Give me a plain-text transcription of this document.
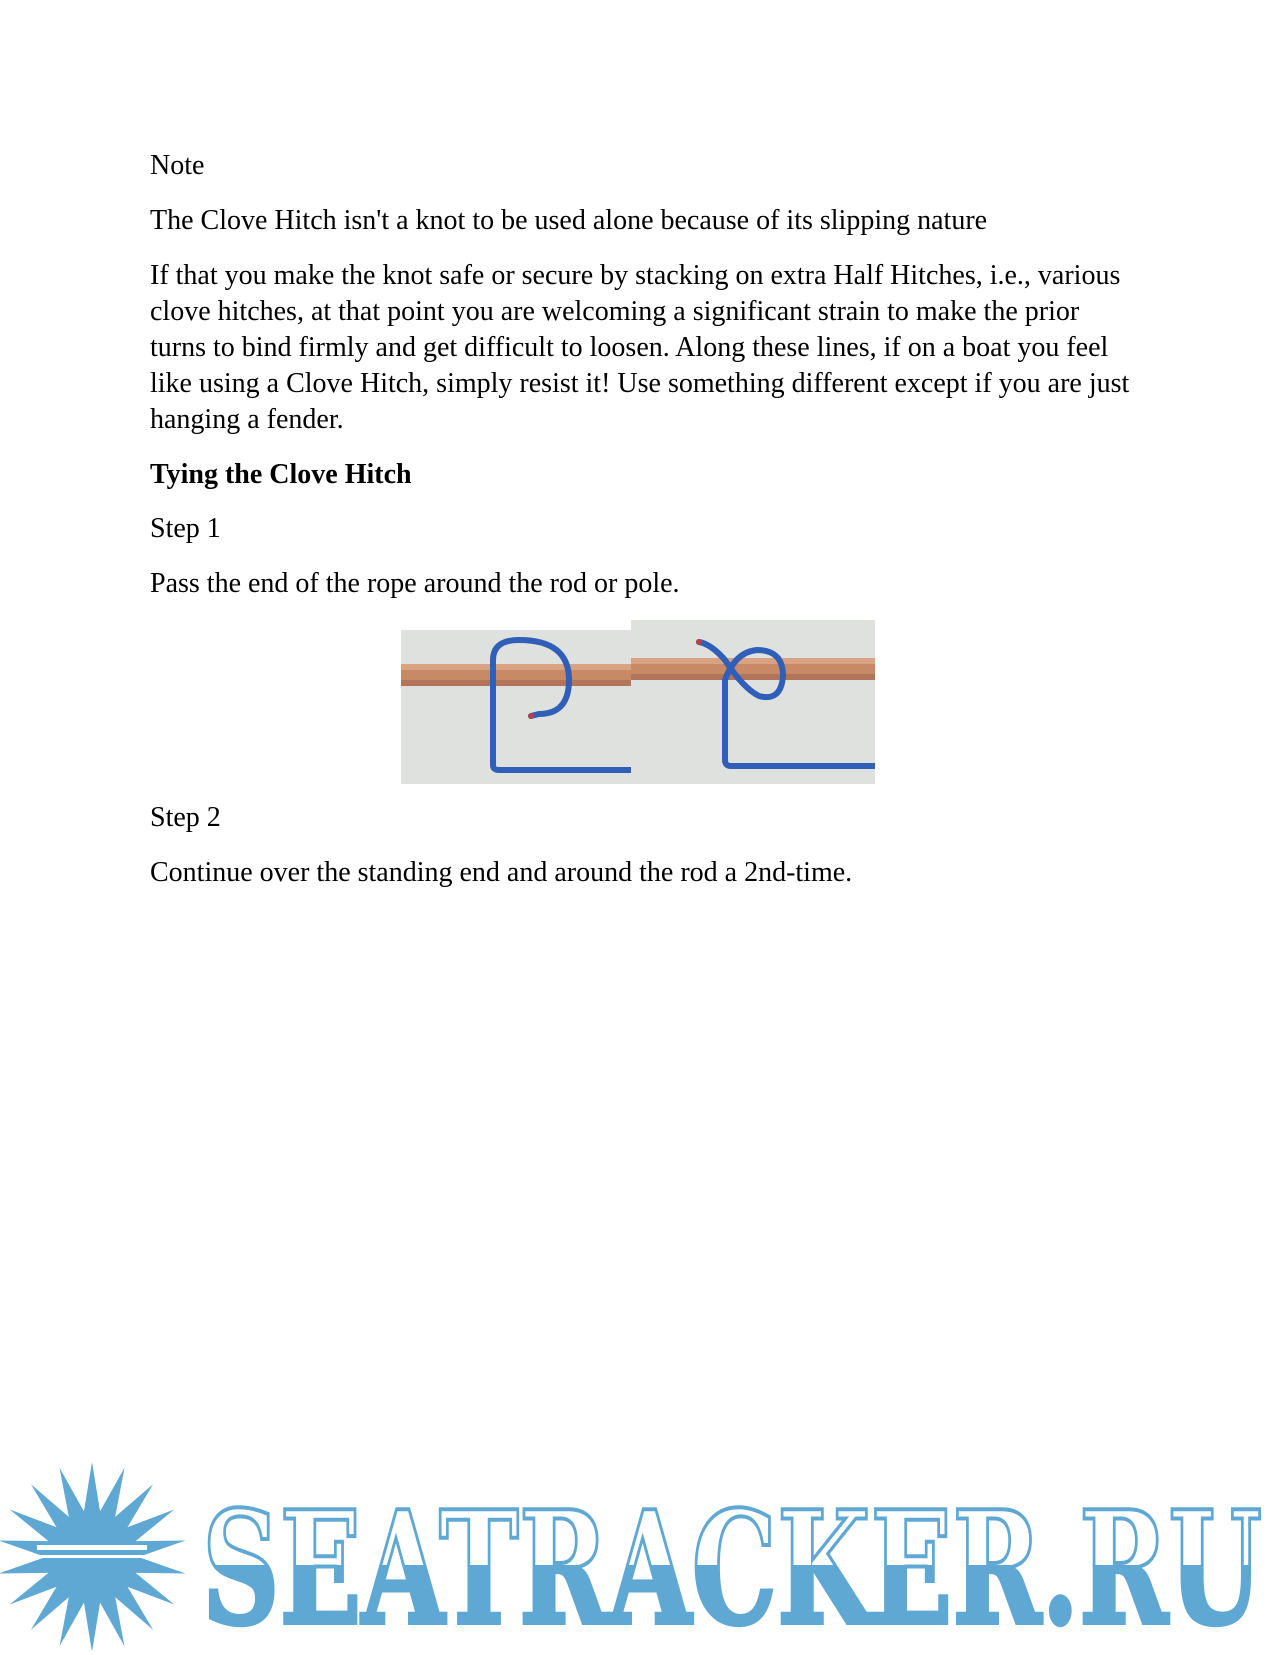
Note

The Clove Hitch isn't a knot to be used alone because of its slipping nature

If that you make the knot safe or secure by stacking on extra Half Hitches, i.e., various clove hitches, at that point you are welcoming a significant strain to make the prior turns to bind firmly and get difficult to loosen. Along these lines, if on a boat you feel like using a Clove Hitch, simply resist it! Use something different except if you are just hanging a fender.

Tying the Clove Hitch

Step 1

Pass the end of the rope around the rod or pole.

Step 2

Continue over the standing end and around the rod a 2nd-time.

SEATRACKER.RU
